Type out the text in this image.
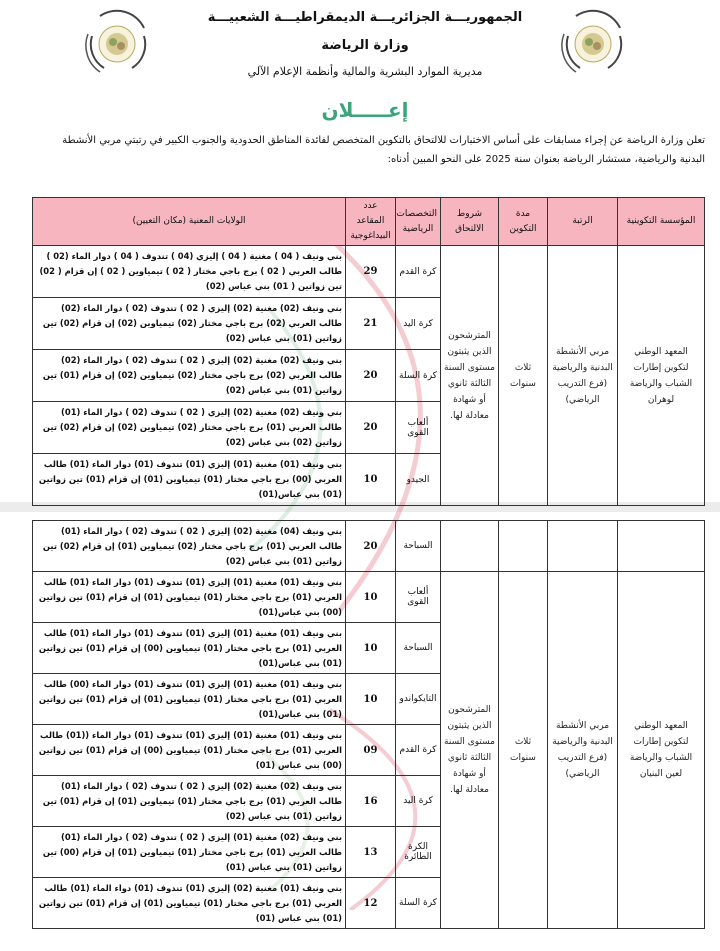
الجمهوريـــة الجزائريـــة الديمقراطيـــة الشعبيـــة
وزارة الرياضة
مديرية الموارد البشرية والمالية وأنظمة الإعلام الآلي
إعـــــلان
تعلن وزارة الرياضة عن إجراء مسابقات على أساس الاختبارات للالتحاق بالتكوين المتخصص لفائدة المناطق الحدودية والجنوب الكبير في رتبتي مربي الأنشطة البدنية والرياضية، مستشار الرياضة بعنوان سنة 2025 على النحو المبين أدناه:
المؤسسة التكوينية	الرتبة	مدة التكوين	شروط الالتحاق	التخصصات الرياضية	عدد المقاعد البيداغوجية	الولايات المعنية (مكان التعيين)
المعهد الوطني لتكوين إطارات الشباب والرياضة لوهران	مربي الأنشطة البدنية والرياضية (فرع التدريب الرياضي)	ثلاث سنوات	المترشحون الذين يثبتون مستوى السنة الثالثة ثانوي أو شهادة معادلة لها.	كرة القدم	29	بني ونيف ( 04 ) مغنية ( 04 ) إليزي (04 ) تندوف ( 04 ) دوار الماء (02 ) طالب العربي ( 02 ) برج باجي مختار ( 02 ) تيمياوين ( 02 ) إن قزام ( 02) تين زواتين ( 01) بني عباس (02)
				كرة اليد	21	بني ونيف (02) مغنية (02) إليزي ( 02 ) تندوف (02 ) دوار الماء (02) طالب العربي (02) برج باجي مختار (02) تيمياوين (02) إن قزام (02) تين زواتين (01) بني عباس (02)
				كرة السلة	20	بني ونيف (02) مغنية (02) إليزي ( 02 ) تندوف (02 ) دوار الماء (02) طالب العربي (02) برج باجي مختار (02) تيمياوين (02) إن قزام (01) تين زواتين (01) بني عباس (02)
				ألعاب القوى	20	بني ونيف (02) مغنية (02) إليزي ( 02 ) تندوف (02 ) دوار الماء (01) طالب العربي (01) برج باجي مختار (02) تيمياوين (02) إن قزام (02) تين زواتين (02) بني عباس (02)
				الجيدو	10	بني ونيف (01) مغنية (01) إليزي (01) تندوف (01) دوار الماء (01) طالب العربي (00) برج باجي مختار (01) تيمياوين (01) إن قزام (01) تين زواتين (01) بني عباس(01)
				السباحة	20	بني ونيف (04) مغنية (02) إليزي ( 02 ) تندوف (02 ) دوار الماء (01) طالب العربي (01) برج باجي مختار (02) تيمياوين (01) إن قزام (02) تين زواتين (01) بني عباس (02)
المعهد الوطني لتكوين إطارات الشباب والرياضة لعين البنيان	مربي الأنشطة البدنية والرياضية (فرع التدريب الرياضي)	ثلاث سنوات	المترشحون الذين يثبتون مستوى السنة الثالثة ثانوي أو شهادة معادلة لها.	ألعاب القوى	10	بني ونيف (01) مغنية (01) إليزي (01) تندوف (01) دوار الماء (01) طالب العربي (01) برج باجي مختار (01) تيمياوين (01) إن قزام (01) تين زواتين (00) بني عباس(01)
				السباحة	10	بني ونيف (01) مغنية (01) إليزي (01) تندوف (01) دوار الماء (01) طالب العربي (01) برج باجي مختار (01) تيمياوين (00) إن قزام (01) تين زواتين (01) بني عباس(01)
				التايكواندو	10	بني ونيف (01) مغنية (01) إليزي (01) تندوف (01) دوار الماء (00) طالب العربي (01) برج باجي مختار (01) تيمياوين (01) إن قزام (01) تين زواتين (01) بني عباس(01)
				كرة القدم	09	بني ونيف (01) مغنية (01) إليزي (01) تندوف (01) دوار الماء ((01) طالب العربي (01) برج باجي مختار (01) تيمياوين (00) إن قزام (01) تين زواتين (00) بني عباس (01)
				كرة اليد	16	بني ونيف (02) مغنية (02) إليزي ( 02 ) تندوف (02 ) دوار الماء (01) طالب العربي (01) برج باجي مختار (01) تيمياوين (01) إن قزام (01) تين زواتين (01) بني عباس (02)
				الكرة الطائرة	13	بني ونيف (02) مغنية (01) إليزي ( 02 ) تندوف (02 ) دوار الماء (01) طالب العربي (01) برج باجي مختار (01) تيمياوين (01) إن قزام (00) تين زواتين (01) بني عباس (01)
				كرة السلة	12	بني ونيف (01) مغنية (02) إليزي (01) تندوف (01) دواء الماء (01) طالب العربي (01) برج باجي مختار (01) تيمياوين (01) إن قزام (01) تين زواتين (01) بني عباس (01)
